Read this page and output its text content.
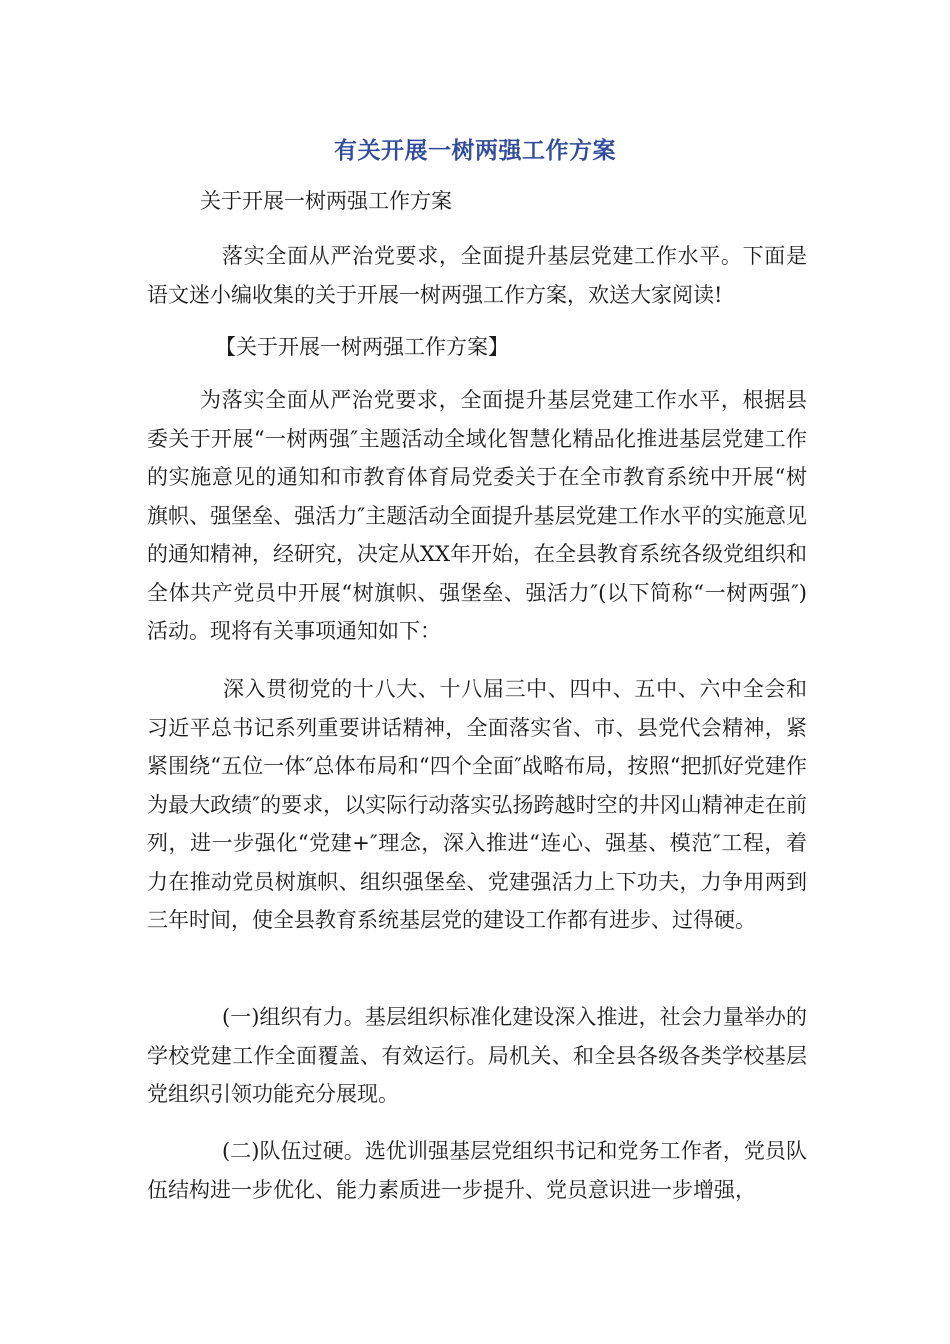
有关开展一树两强工作方案
关于开展一树两强工作方案
落实全面从严治党要求，全面提升基层党建工作水平。下面是语文迷小编收集的关于开展一树两强工作方案，欢送大家阅读!
【关于开展一树两强工作方案】
为落实全面从严治党要求，全面提升基层党建工作水平，根据县委关于开展“一树两强″主题活动全域化智慧化精品化推进基层党建工作的实施意见的通知和市教育体育局党委关于在全市教育系统中开展“树旗帜、强堡垒、强活力″主题活动全面提升基层党建工作水平的实施意见的通知精神，经研究，决定从XX年开始，在全县教育系统各级党组织和全体共产党员中开展“树旗帜、强堡垒、强活力″(以下简称“一树两强″)活动。现将有关事项通知如下：
深入贯彻党的十八大、十八届三中、四中、五中、六中全会和习近平总书记系列重要讲话精神，全面落实省、市、县党代会精神，紧紧围绕“五位一体″总体布局和“四个全面″战略布局，按照“把抓好党建作为最大政绩″的要求，以实际行动落实弘扬跨越时空的井冈山精神走在前列，进一步强化“党建+″理念，深入推进“连心、强基、模范″工程，着力在推动党员树旗帜、组织强堡垒、党建强活力上下功夫，力争用两到三年时间，使全县教育系统基层党的建设工作都有进步、过得硬。
(一)组织有力。基层组织标准化建设深入推进，社会力量举办的学校党建工作全面覆盖、有效运行。局机关、和全县各级各类学校基层党组织引领功能充分展现。
(二)队伍过硬。选优训强基层党组织书记和党务工作者，党员队伍结构进一步优化、能力素质进一步提升、党员意识进一步增强，
